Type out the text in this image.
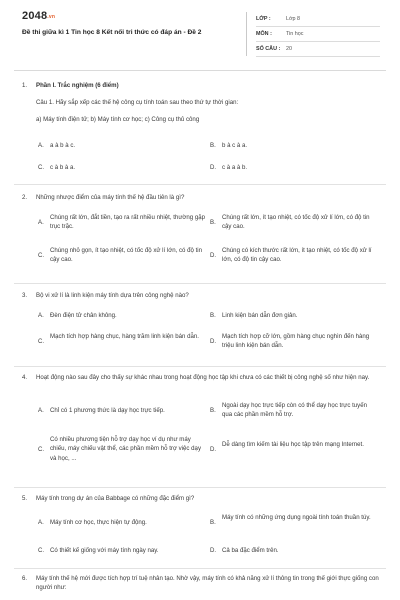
2048.vn
Đề thi giữa kì 1 Tin học 8 Kết nối tri thức có đáp án - Đề 2
LỚP :	Lớp 8
MÔN :	Tin học
SỐ CÂU : 20
1. Phần I. Trắc nghiệm (6 điểm)
Câu 1. Hãy sắp xếp các thế hệ công cụ tính toán sau theo thứ tự thời gian:
a) Máy tính điện tử; b) Máy tính cơ học; c) Công cụ thủ công
A. a à b à c.	B. b à c à a.
C. c à b à a.	D. c à a à b.
2. Những nhược điểm của máy tính thế hệ đầu tiên là gì?
A.
Chúng rất lớn, đắt tiền, tạo ra rất nhiều nhiệt, thường gặp trục trặc.
B.
Chúng rất lớn, ít tạo nhiệt, có tốc độ xử lí lớn, có độ tin cậy cao.
C.
Chúng nhỏ gọn, ít tạo nhiệt, có tốc độ xử lí lớn, có độ tin cậy cao.
D.
Chúng có kích thước rất lớn, ít tạo nhiệt, có tốc độ xử lí lớn, có độ tin cậy cao.
3. Bộ vi xử lí là linh kiện máy tính dựa trên công nghệ nào?
A. Đèn điện tử chân không.	B. Linh kiện bán dẫn đơn giản.
C.
Mạch tích hợp hàng chục, hàng trăm linh kiện bán dẫn.
D.
Mạch tích hợp cỡ lớn, gồm hàng chục nghìn đến hàng triệu linh kiện bán dẫn.
4. Hoạt động nào sau đây cho thấy sự khác nhau trong hoạt động học tập khi chưa có các thiết bị công nghệ số như hiện nay.
A. Chỉ có 1 phương thức là dạy học trực tiếp.	B.
Ngoài dạy học trực tiếp còn có thể dạy học trực tuyến qua các phần mềm hỗ trợ.
C.
Có nhiều phương tiện hỗ trợ dạy học ví dụ như máy chiếu, máy chiếu vật thể, các phần mềm hỗ trợ việc dạy và học, ...
D.
Dễ dàng tìm kiếm tài liệu học tập trên mạng Internet.
5. Máy tính trong dự án của Babbage có những đặc điểm gì?
A. Máy tính cơ học, thực hiện tự động.	B.
Máy tính có những ứng dụng ngoài tính toán thuần túy.
C. Có thiết kế giống với máy tính ngày nay.	D. Cả ba đặc điểm trên.
6. Máy tính thế hệ mới được tích hợp trí tuệ nhân tạo. Nhờ vậy, máy tính có khả năng xử lí thông tin trong thế giới thực giống con người như:
